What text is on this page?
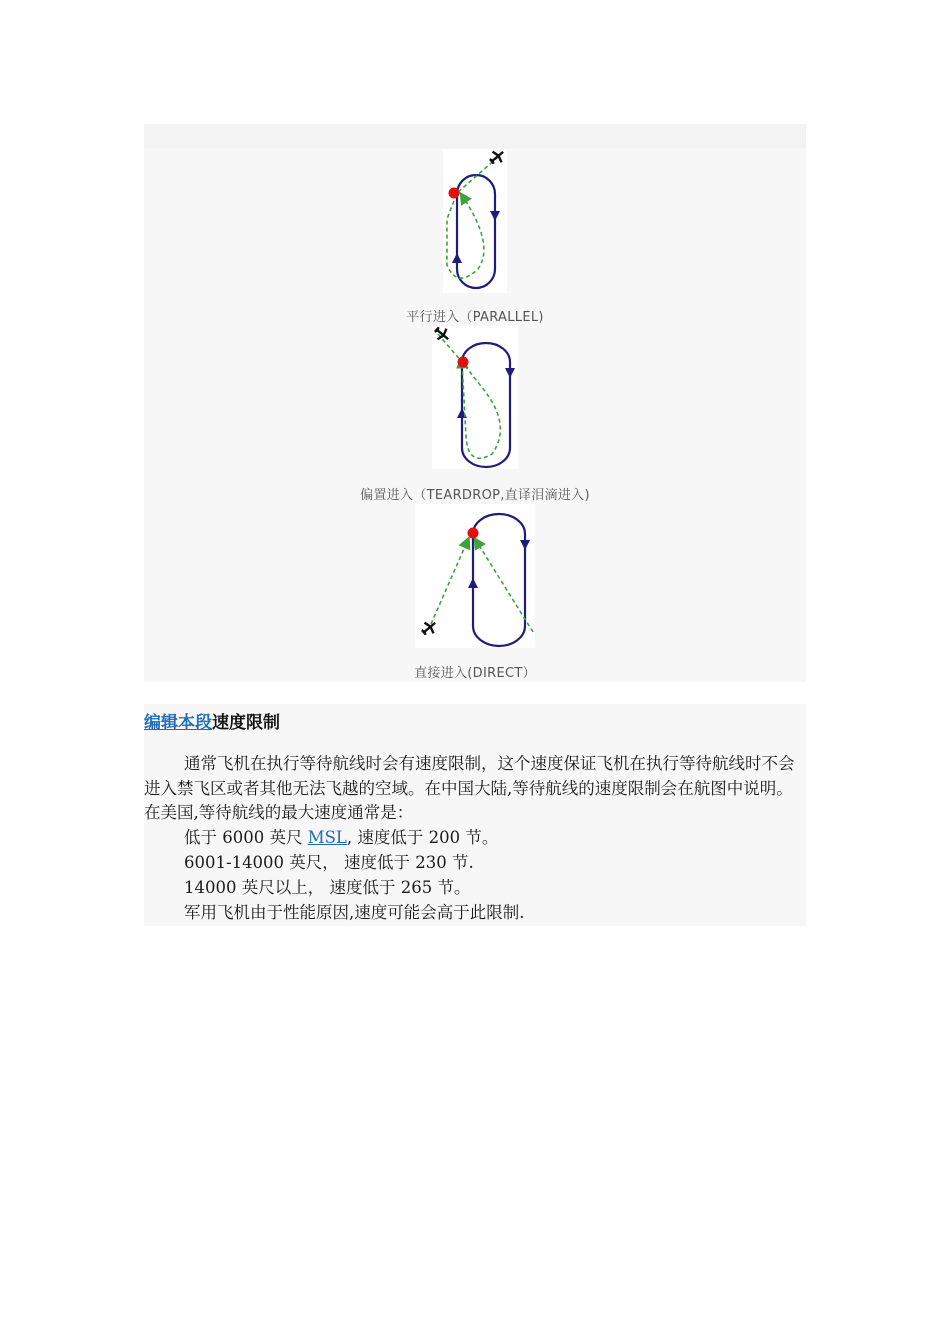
平行进入（PARALLEL)
偏置进入（TEARDROP,直译泪滴进入)
直接进入(DIRECT）
编辑本段速度限制
通常飞机在执行等待航线时会有速度限制，这个速度保证飞机在执行等待航线时不会进入禁飞区或者其他无法飞越的空域。在中国大陆,等待航线的速度限制会在航图中说明。在美国,等待航线的最大速度通常是：
低于 6000 英尺 MSL, 速度低于 200 节。
6001-14000 英尺， 速度低于 230 节.
14000 英尺以上， 速度低于 265 节。
军用飞机由于性能原因,速度可能会高于此限制.
